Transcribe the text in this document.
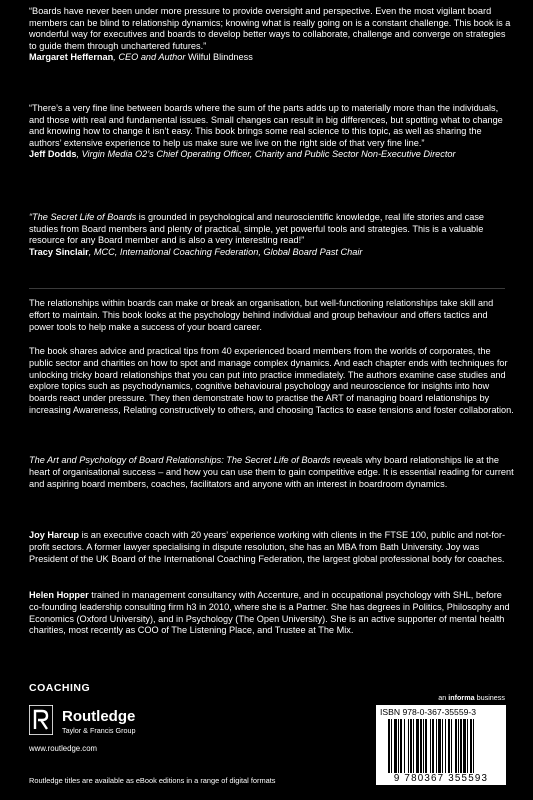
“Boards have never been under more pressure to provide oversight and perspective. Even the most vigilant board members can be blind to relationship dynamics; knowing what is really going on is a constant challenge. This book is a wonderful way for executives and boards to develop better ways to collaborate, challenge and converge on strategies to guide them through unchartered futures.”

Margaret Heffernan, CEO and Author Wilful Blindness

“There’s a very fine line between boards where the sum of the parts adds up to materially more than the individuals, and those with real and fundamental issues. Small changes can result in big differences, but spotting what to change and knowing how to change it isn’t easy. This book brings some real science to this topic, as well as sharing the authors’ extensive experience to help us make sure we live on the right side of that very fine line.”

Jeff Dodds, Virgin Media O2’s Chief Operating Officer, Charity and Public Sector Non-Executive Director

“The Secret Life of Boards is grounded in psychological and neuroscientific knowledge, real life stories and case studies from Board members and plenty of practical, simple, yet powerful tools and strategies. This is a valuable resource for any Board member and is also a very interesting read!”

Tracy Sinclair, MCC, International Coaching Federation, Global Board Past Chair

The relationships within boards can make or break an organisation, but well-functioning relationships take skill and effort to maintain. This book looks at the psychology behind individual and group behaviour and offers tactics and power tools to help make a success of your board career.

The book shares advice and practical tips from 40 experienced board members from the worlds of corporates, the public sector and charities on how to spot and manage complex dynamics. And each chapter ends with techniques for unlocking tricky board relationships that you can put into practice immediately. The authors examine case studies and explore topics such as psychodynamics, cognitive behavioural psychology and neuroscience for insights into how boards react under pressure. They then demonstrate how to practise the ART of managing board relationships by increasing Awareness, Relating constructively to others, and choosing Tactics to ease tensions and foster collaboration.

The Art and Psychology of Board Relationships: The Secret Life of Boards reveals why board relationships lie at the heart of organisational success – and how you can use them to gain competitive edge. It is essential reading for current and aspiring board members, coaches, facilitators and anyone with an interest in boardroom dynamics.

Joy Harcup is an executive coach with 20 years’ experience working with clients in the FTSE 100, public and not-for-profit sectors. A former lawyer specialising in dispute resolution, she has an MBA from Bath University. Joy was President of the UK Board of the International Coaching Federation, the largest global professional body for coaches.

Helen Hopper trained in management consultancy with Accenture, and in occupational psychology with SHL, before co-founding leadership consulting firm h3 in 2010, where she is a Partner. She has degrees in Politics, Philosophy and Economics (Oxford University), and in Psychology (The Open University). She is an active supporter of mental health charities, most recently as COO of The Listening Place, and Trustee at The Mix.

COACHING
Routledge
Taylor & Francis Group
www.routledge.com
Routledge titles are available as eBook editions in a range of digital formats
an informa business
ISBN 978-0-367-35559-3
9 780367 355593
